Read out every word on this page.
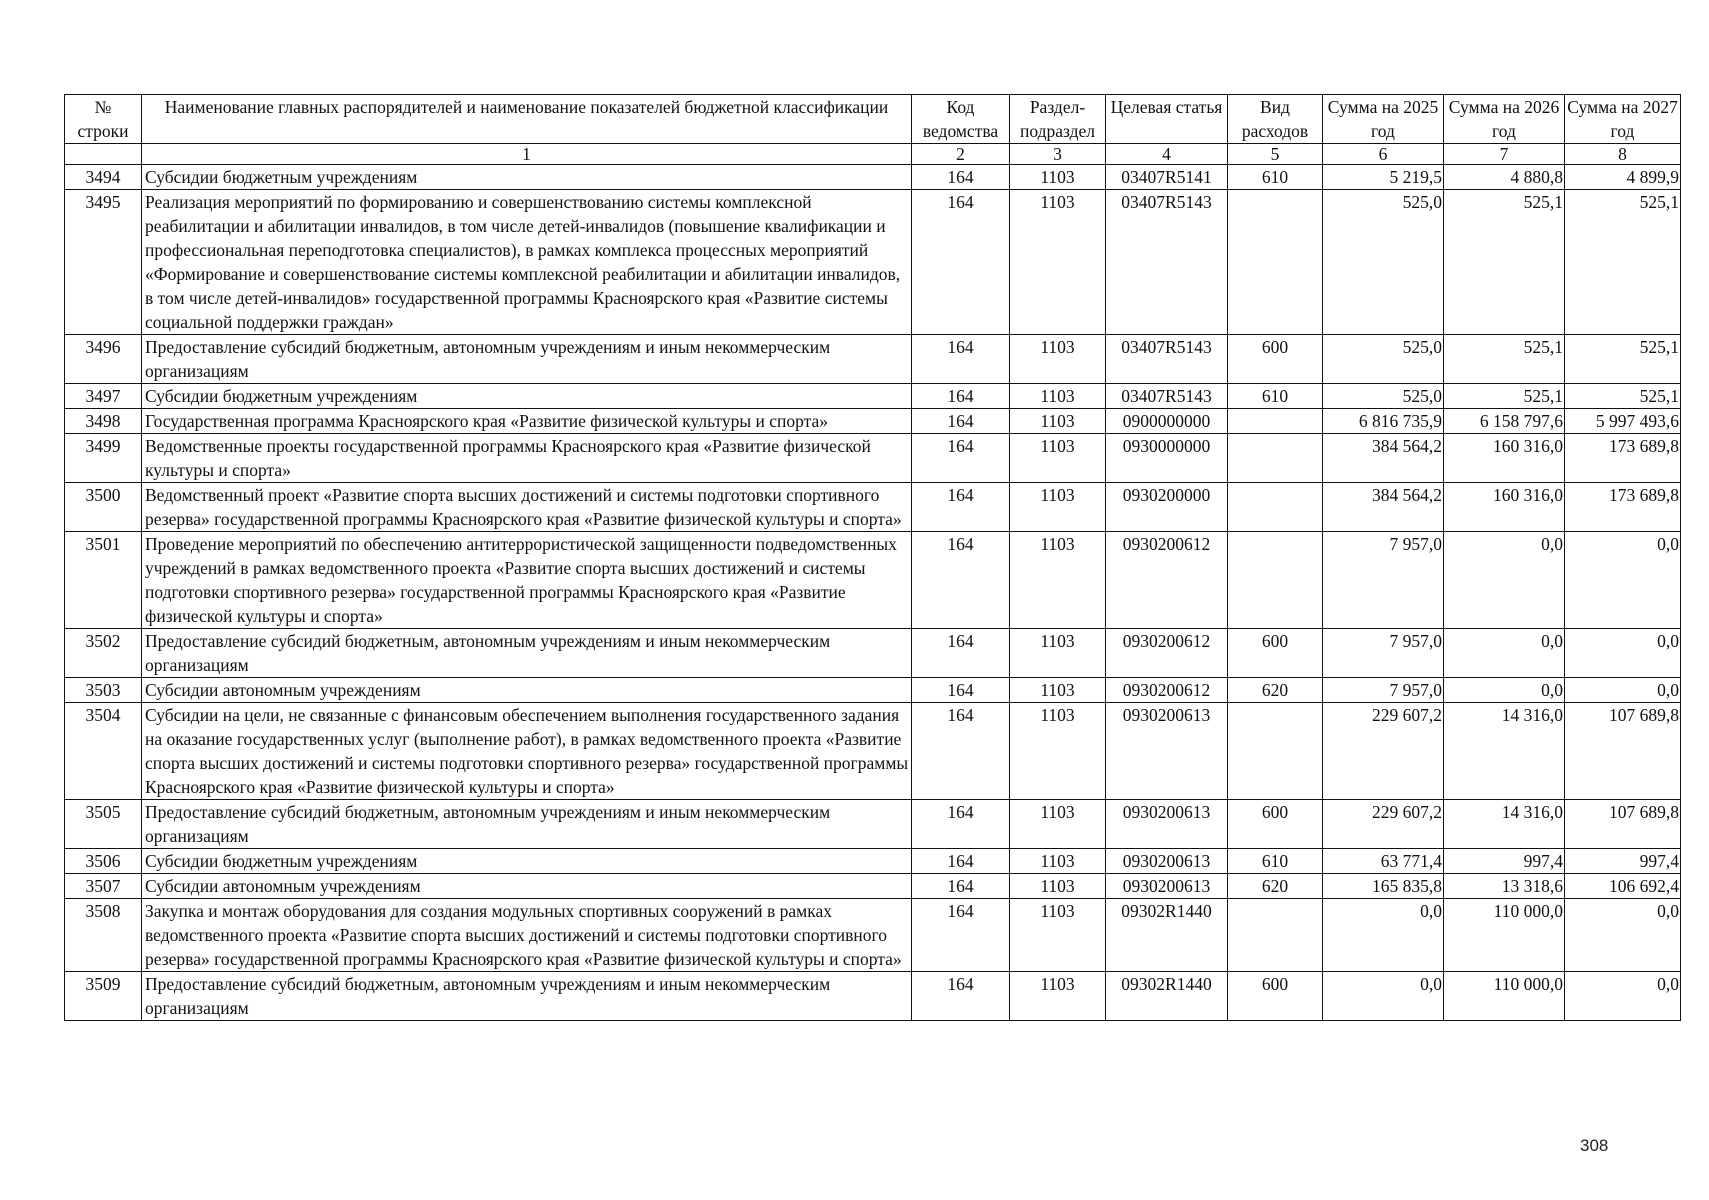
№ строки	Наименование главных распорядителей и наименование показателей бюджетной классификации	Код ведомства	Раздел-подраздел	Целевая статья	Вид расходов	Сумма на 2025 год	Сумма на 2026 год	Сумма на 2027 год
	1	2	3	4	5	6	7	8
3494	Субсидии бюджетным учреждениям	164	1103	03407R5141	610	5 219,5	4 880,8	4 899,9
3495	Реализация мероприятий по формированию и совершенствованию системы комплексной реабилитации и абилитации инвалидов, в том числе детей-инвалидов (повышение квалификации и профессиональная переподготовка специалистов), в рамках комплекса процессных мероприятий «Формирование и совершенствование системы комплексной реабилитации и абилитации инвалидов, в том числе детей-инвалидов» государственной программы Красноярского края «Развитие системы социальной поддержки граждан»	164	1103	03407R5143		525,0	525,1	525,1
3496	Предоставление субсидий бюджетным, автономным учреждениям и иным некоммерческим организациям	164	1103	03407R5143	600	525,0	525,1	525,1
3497	Субсидии бюджетным учреждениям	164	1103	03407R5143	610	525,0	525,1	525,1
3498	Государственная программа Красноярского края «Развитие физической культуры и спорта»	164	1103	0900000000		6 816 735,9	6 158 797,6	5 997 493,6
3499	Ведомственные проекты государственной программы Красноярского края «Развитие физической культуры и спорта»	164	1103	0930000000		384 564,2	160 316,0	173 689,8
3500	Ведомственный проект «Развитие спорта высших достижений и системы подготовки спортивного резерва» государственной программы Красноярского края «Развитие физической культуры и спорта»	164	1103	0930200000		384 564,2	160 316,0	173 689,8
3501	Проведение мероприятий по обеспечению антитеррористической защищенности подведомственных учреждений в рамках ведомственного проекта «Развитие спорта высших достижений и системы подготовки спортивного резерва» государственной программы Красноярского края «Развитие физической культуры и спорта»	164	1103	0930200612		7 957,0	0,0	0,0
3502	Предоставление субсидий бюджетным, автономным учреждениям и иным некоммерческим организациям	164	1103	0930200612	600	7 957,0	0,0	0,0
3503	Субсидии автономным учреждениям	164	1103	0930200612	620	7 957,0	0,0	0,0
3504	Субсидии на цели, не связанные с финансовым обеспечением выполнения государственного задания на оказание государственных услуг (выполнение работ), в рамках ведомственного проекта «Развитие спорта высших достижений и системы подготовки спортивного резерва» государственной программы Красноярского края «Развитие физической культуры и спорта»	164	1103	0930200613		229 607,2	14 316,0	107 689,8
3505	Предоставление субсидий бюджетным, автономным учреждениям и иным некоммерческим организациям	164	1103	0930200613	600	229 607,2	14 316,0	107 689,8
3506	Субсидии бюджетным учреждениям	164	1103	0930200613	610	63 771,4	997,4	997,4
3507	Субсидии автономным учреждениям	164	1103	0930200613	620	165 835,8	13 318,6	106 692,4
3508	Закупка и монтаж оборудования для создания модульных спортивных сооружений в рамках ведомственного проекта «Развитие спорта высших достижений и системы подготовки спортивного резерва» государственной программы Красноярского края «Развитие физической культуры и спорта»	164	1103	09302R1440		0,0	110 000,0	0,0
3509	Предоставление субсидий бюджетным, автономным учреждениям и иным некоммерческим организациям	164	1103	09302R1440	600	0,0	110 000,0	0,0
308
